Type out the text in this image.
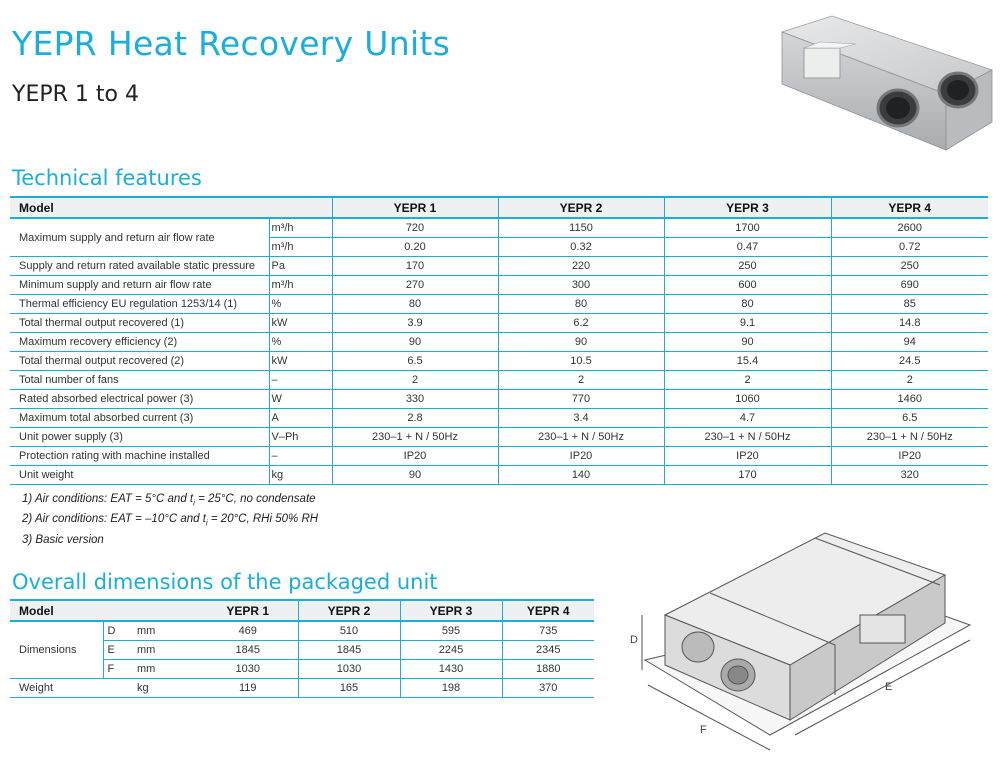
YEPR Heat Recovery Units
YEPR 1 to 4
Technical features
Model		YEPR 1	YEPR 2	YEPR 3	YEPR 4
Maximum supply and return air flow rate	m³/h	720	1150	1700	2600
	m³/h	0.20	0.32	0.47	0.72
Supply and return rated available static pressure	Pa	170	220	250	250
Minimum supply and return air flow rate	m³/h	270	300	600	690
Thermal efficiency EU regulation 1253/14 (1)	%	80	80	80	85
Total thermal output recovered (1)	kW	3.9	6.2	9.1	14.8
Maximum recovery efficiency (2)	%	90	90	90	94
Total thermal output recovered (2)	kW	6.5	10.5	15.4	24.5
Total number of fans	–	2	2	2	2
Rated absorbed electrical power (3)	W	330	770	1060	1460
Maximum total absorbed current (3)	A	2.8	3.4	4.7	6.5
Unit power supply (3)	V–Ph	230–1 + N / 50Hz	230–1 + N / 50Hz	230–1 + N / 50Hz	230–1 + N / 50Hz
Protection rating with machine installed	–	IP20	IP20	IP20	IP20
Unit weight	kg	90	140	170	320
1) Air conditions: EAT = 5°C and $t_i = 25^\circ C$, no condensate
2) Air conditions: EAT = –10°C and $t_i = 20^\circ C$, RHi 50% RH
3) Basic version
Overall dimensions of the packaged unit
Model			YEPR 1	YEPR 2	YEPR 3	YEPR 4
Dimensions	D	mm	469	510	595	735
	E	mm	1845	1845	2245	2345
	F	mm	1030	1030	1430	1880
Weight		kg	119	165	198	370
D
F
E
